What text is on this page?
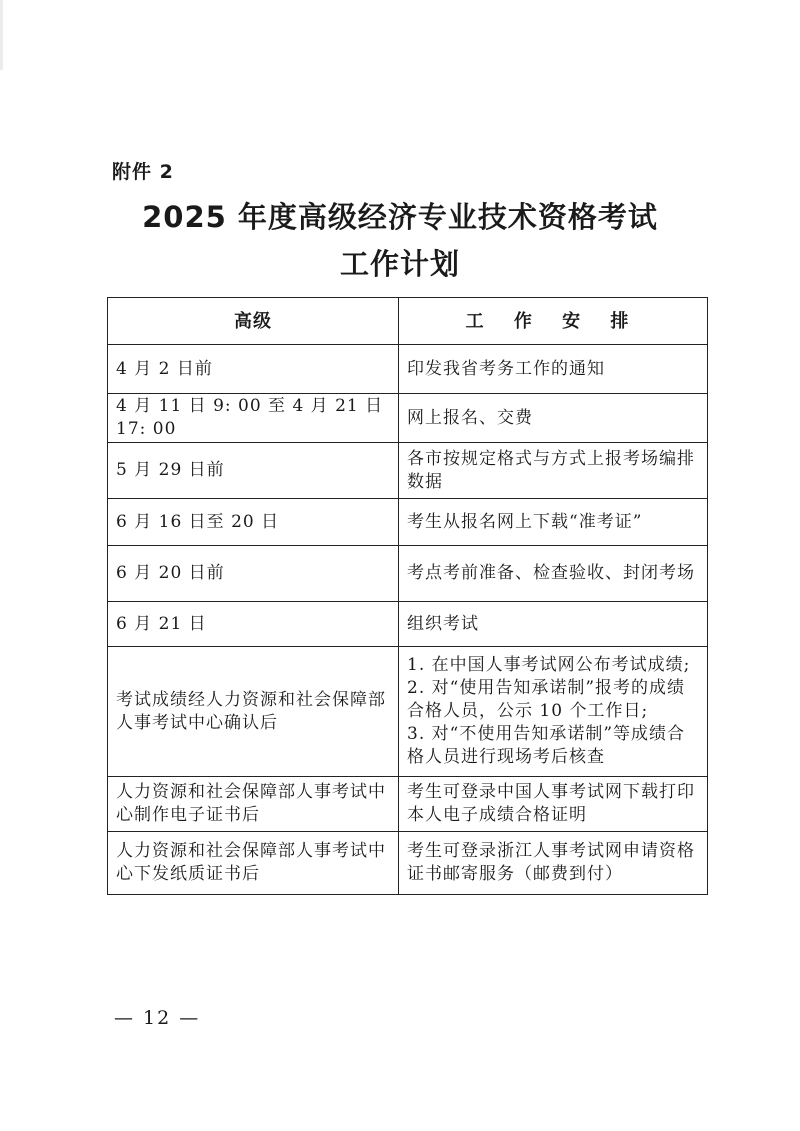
附件 2
2025 年度高级经济专业技术资格考试
工作计划
高级	工 作 安 排
4 月 2 日前	印发我省考务工作的通知
4 月 11 日 9: 00 至 4 月 21 日 17: 00	网上报名、交费
5 月 29 日前	各市按规定格式与方式上报考场编排数据
6 月 16 日至 20 日	考生从报名网上下载“准考证”
6 月 20 日前	考点考前准备、检查验收、封闭考场
6 月 21 日	组织考试
考试成绩经人力资源和社会保障部人事考试中心确认后	1. 在中国人事考试网公布考试成绩;
2. 对“使用告知承诺制”报考的成绩合格人员，公示 10 个工作日;
3. 对“不使用告知承诺制”等成绩合格人员进行现场考后核查

人力资源和社会保障部人事考试中心制作电子证书后	考生可登录中国人事考试网下载打印本人电子成绩合格证明
人力资源和社会保障部人事考试中心下发纸质证书后	考生可登录浙江人事考试网申请资格证书邮寄服务（邮费到付）
— 12 —
